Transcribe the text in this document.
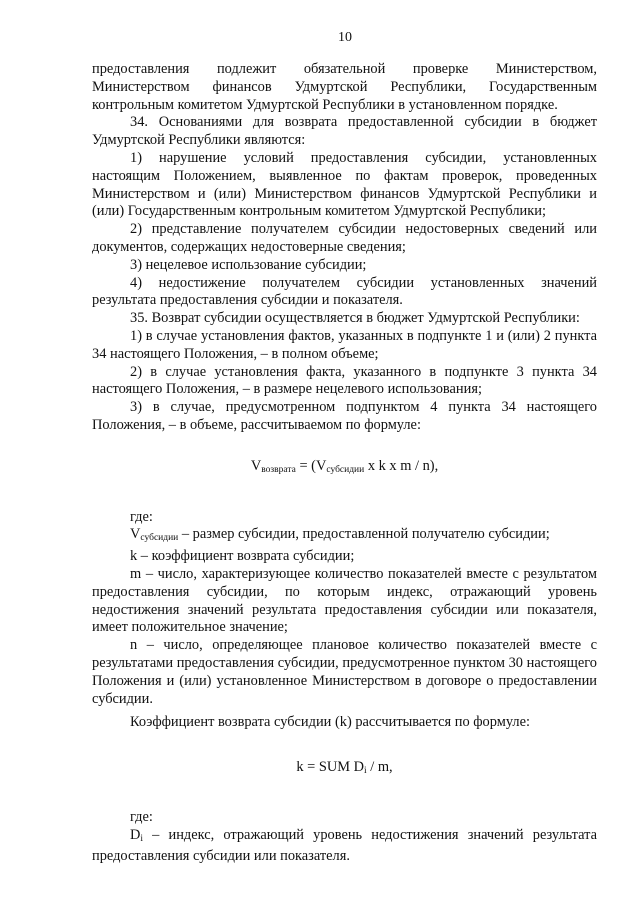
10

предоставления подлежит обязательной проверке Министерством, Министерством финансов Удмуртской Республики, Государственным контрольным комитетом Удмуртской Республики в установленном порядке.

34. Основаниями для возврата предоставленной субсидии в бюджет Удмуртской Республики являются:

1) нарушение условий предоставления субсидии, установленных настоящим Положением, выявленное по фактам проверок, проведенных Министерством и (или) Министерством финансов Удмуртской Республики и (или) Государственным контрольным комитетом Удмуртской Республики;

2) представление получателем субсидии недостоверных сведений или документов, содержащих недостоверные сведения;

3) нецелевое использование субсидии;

4) недостижение получателем субсидии установленных значений результата предоставления субсидии и показателя.

35. Возврат субсидии осуществляется в бюджет Удмуртской Республики:

1) в случае установления фактов, указанных в подпункте 1 и (или) 2 пункта 34 настоящего Положения, – в полном объеме;

2) в случае установления факта, указанного в подпункте 3 пункта 34 настоящего Положения, – в размере нецелевого использования;

3) в случае, предусмотренном подпунктом 4 пункта 34 настоящего Положения, – в объеме, рассчитываемом по формуле:

$V_{возврата} = (V_{субсидии}$ x k x m / n),

где:

$V_{субсидии}$ – размер субсидии, предоставленной получателю субсидии;

k – коэффициент возврата субсидии;

m – число, характеризующее количество показателей вместе с результатом предоставления субсидии, по которым индекс, отражающий уровень недостижения значений результата предоставления субсидии или показателя, имеет положительное значение;

n – число, определяющее плановое количество показателей вместе с результатами предоставления субсидии, предусмотренное пунктом 30 настоящего Положения и (или) установленное Министерством в договоре о предоставлении субсидии.

Коэффициент возврата субсидии (k) рассчитывается по формуле:

k = SUM $D_i$ / m,

где:

$D_i$ – индекс, отражающий уровень недостижения значений результата предоставления субсидии или показателя.
